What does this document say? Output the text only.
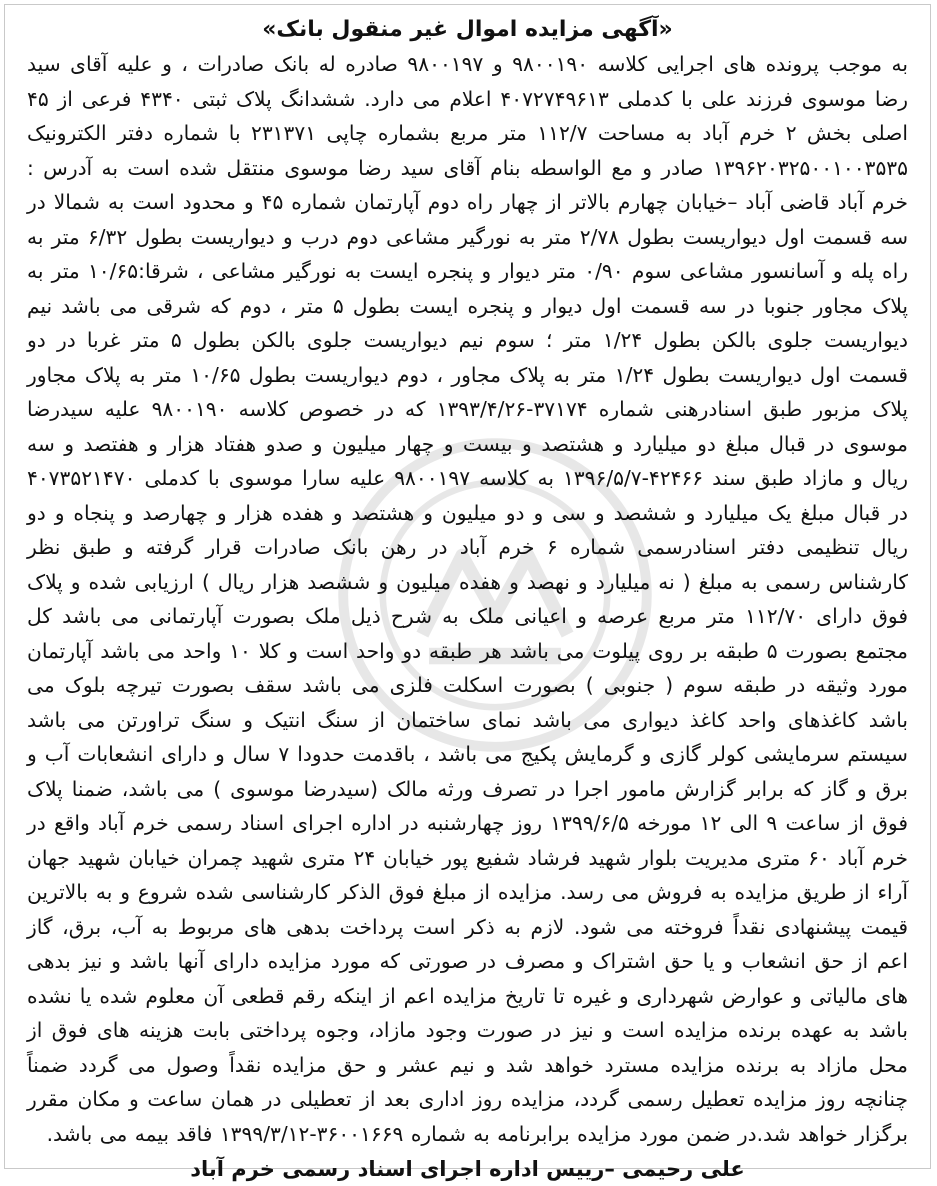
«آگهی مزایده اموال غیر منقول بانک»

به موجب پرونده های اجرایی کلاسه ۹۸۰۰۱۹۰ و ۹۸۰۰۱۹۷ صادره له بانک صادرات ، و علیه آقای سید رضا موسوی فرزند علی با کدملی ۴۰۷۲۷۴۹۶۱۳ اعلام می دارد. ششدانگ پلاک ثبتی ۴۳۴۰ فرعی از ۴۵ اصلی بخش ۲ خرم آباد به مساحت ۱۱۲/۷ متر مربع بشماره چاپی ۲۳۱۳۷۱ با شماره دفتر الکترونیک ۱۳۹۶۲۰۳۲۵۰۰۱۰۰۳۵۳۵ صادر و مع الواسطه بنام آقای سید رضا موسوی منتقل شده است به آدرس : خرم آباد قاضی آباد –خیابان چهارم بالاتر از چهار راه دوم آپارتمان شماره ۴۵ و محدود است به شمالا در سه قسمت اول دیواریست بطول ۲/۷۸ متر به نورگیر مشاعی دوم درب و دیواریست بطول ۶/۳۲ متر به راه پله و آسانسور مشاعی سوم ۰/۹۰ متر دیوار و پنجره ایست به نورگیر مشاعی ، شرقا:۱۰/۶۵ متر به پلاک مجاور جنوبا در سه قسمت اول دیوار و پنجره ایست بطول ۵ متر ، دوم که شرقی می باشد نیم دیواریست جلوی بالکن بطول ۱/۲۴ متر ؛ سوم نیم دیواریست جلوی بالکن بطول ۵ متر غربا در دو قسمت اول دیواریست بطول ۱/۲۴ متر به پلاک مجاور ، دوم دیواریست بطول ۱۰/۶۵ متر به پلاک مجاور پلاک مزبور طبق اسنادرهنی شماره ۳۷۱۷۴-۱۳۹۳/۴/۲۶ که در خصوص کلاسه ۹۸۰۰۱۹۰ علیه سیدرضا موسوی در قبال مبلغ دو میلیارد و هشتصد و بیست و چهار میلیون و صدو هفتاد هزار و هفتصد و سه ریال و مازاد طبق سند ۴۲۴۶۶-۱۳۹۶/۵/۷ به کلاسه ۹۸۰۰۱۹۷ علیه سارا موسوی با کدملی ۴۰۷۳۵۲۱۴۷۰ در قبال مبلغ یک میلیارد و ششصد و سی و دو میلیون و هشتصد و هفده هزار و چهارصد و پنجاه و دو ریال تنظیمی دفتر اسنادرسمی شماره ۶ خرم آباد در رهن بانک صادرات قرار گرفته و طبق نظر کارشناس رسمی به مبلغ ( نه میلیارد و نهصد و هفده میلیون و ششصد هزار ریال ) ارزیابی شده و پلاک فوق دارای ۱۱۲/۷۰ متر مربع عرصه و اعیانی ملک به شرح ذیل ملک بصورت آپارتمانی می باشد کل مجتمع بصورت ۵ طبقه بر روی پیلوت می باشد هر طبقه دو واحد است و کلا ۱۰ واحد می باشد آپارتمان مورد وثیقه در طبقه سوم ( جنوبی ) بصورت اسکلت فلزی می باشد سقف بصورت تیرچه بلوک می باشد کاغذهای واحد کاغذ دیواری می باشد نمای ساختمان از سنگ انتیک و سنگ تراورتن می باشد سیستم سرمایشی کولر گازی و گرمایش پکیج می باشد ، باقدمت حدودا ۷ سال و دارای انشعابات آب و برق و گاز که برابر گزارش مامور اجرا در تصرف ورثه مالک (سیدرضا موسوی ) می باشد، ضمنا پلاک فوق از ساعت ۹ الی ۱۲ مورخه ۱۳۹۹/۶/۵ روز چهارشنبه در اداره اجرای اسناد رسمی خرم آباد واقع در خرم آباد ۶۰ متری مدیریت بلوار شهید فرشاد شفیع پور خیابان ۲۴ متری شهید چمران خیابان شهید جهان آراء از طریق مزایده به فروش می رسد. مزایده از مبلغ فوق الذکر کارشناسی شده شروع و به بالاترین قیمت پیشنهادی نقداً فروخته می شود. لازم به ذکر است پرداخت بدهی های مربوط به آب، برق، گاز اعم از حق انشعاب و یا حق اشتراک و مصرف در صورتی که مورد مزایده دارای آنها باشد و نیز بدهی های مالیاتی و عوارض شهرداری و غیره تا تاریخ مزایده اعم از اینکه رقم قطعی آن معلوم شده یا نشده باشد به عهده برنده مزایده است و نیز در صورت وجود مازاد، وجوه پرداختی بابت هزینه های فوق از محل مازاد به برنده مزایده مسترد خواهد شد و نیم عشر و حق مزایده نقداً وصول می گردد ضمناً چنانچه روز مزایده تعطیل رسمی گردد، مزایده روز اداری بعد از تعطیلی در همان ساعت و مکان مقرر برگزار خواهد شد.در ضمن مورد مزایده برابرنامه به شماره ۳۶۰۰۱۶۶۹-۱۳۹۹/۳/۱۲ فاقد بیمه می باشد.

علی رحیمی –رییس اداره اجرای اسناد رسمی خرم آباد
